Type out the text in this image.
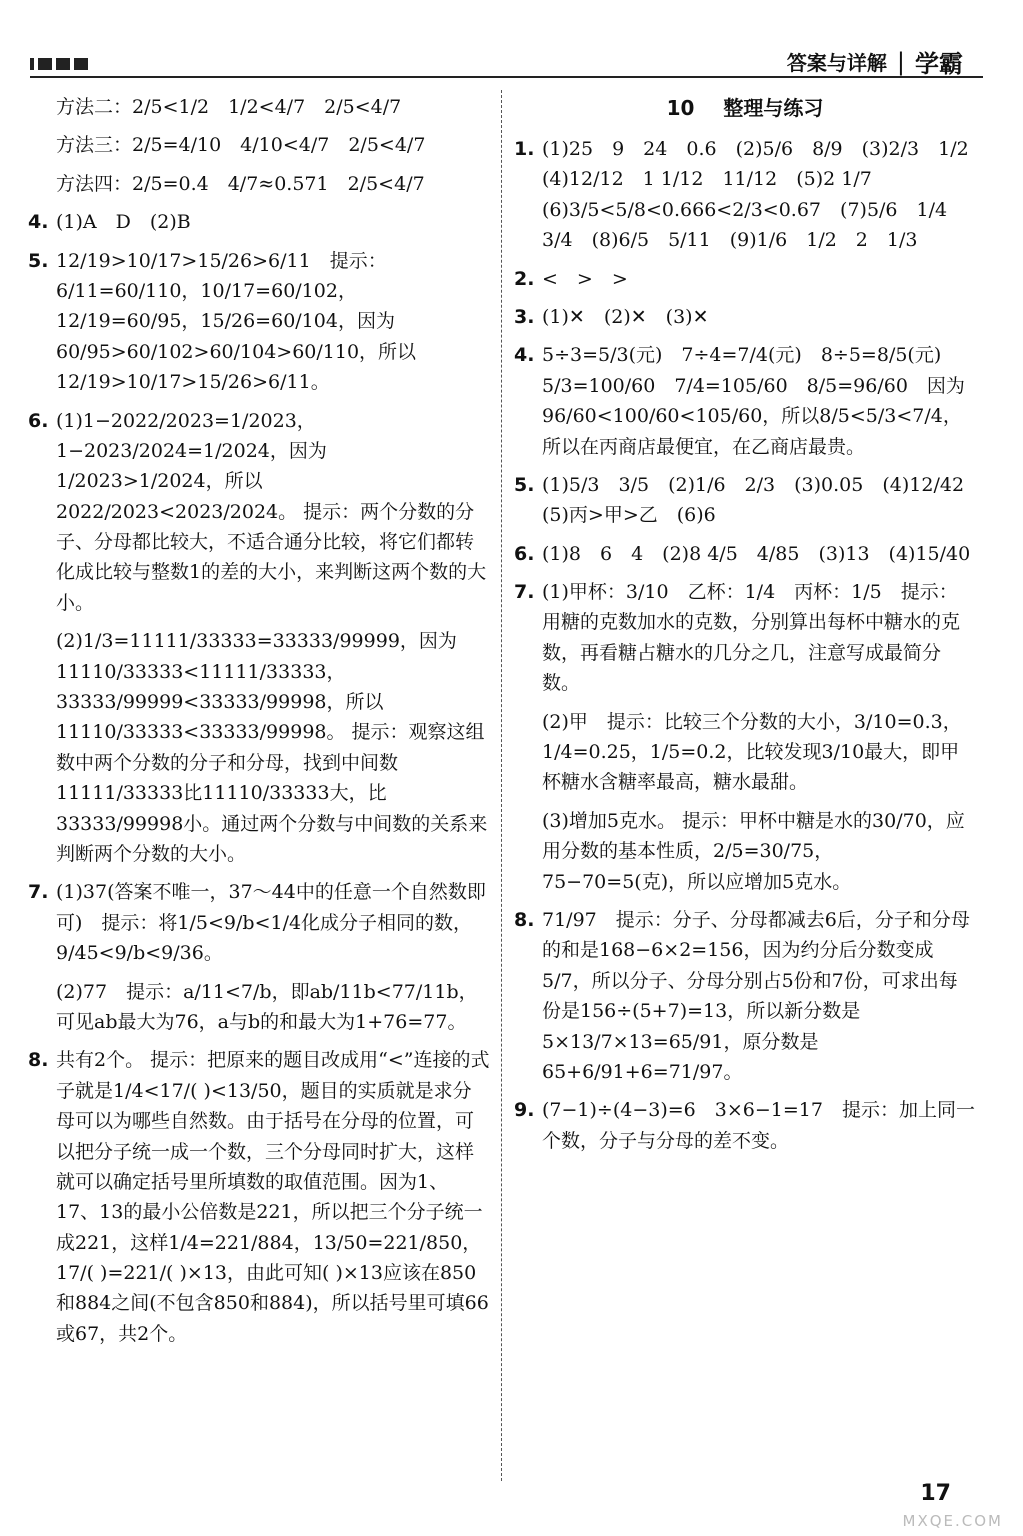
答案与详解 | 学霸
方法二：2/5<1/2　1/2<4/7　2/5<4/7
方法三：2/5=4/10　4/10<4/7　2/5<4/7
方法四：2/5=0.4　4/7≈0.571　2/5<4/7
4. (1)A　D　(2)B
5. 12/19>10/17>15/26>6/11　提示：6/11=60/110，10/17=60/102，12/19=60/95，15/26=60/104，因为60/95>60/102>60/104>60/110，所以12/19>10/17>15/26>6/11。
6. (1)1−2022/2023=1/2023，1−2023/2024=1/2024，因为1/2023>1/2024，所以2022/2023<2023/2024。 提示：两个分数的分子、分母都比较大，不适合通分比较，将它们都转化成比较与整数1的差的大小，来判断这两个数的大小。
(2)1/3=11111/33333=33333/99999，因为11110/33333<11111/33333，33333/99999<33333/99998，所以11110/33333<33333/99998。 提示：观察这组数中两个分数的分子和分母，找到中间数11111/33333比11110/33333大，比33333/99998小。通过两个分数与中间数的关系来判断两个分数的大小。
7. (1)37(答案不唯一，37～44中的任意一个自然数即可)　提示：将1/5<9/b<1/4化成分子相同的数，9/45<9/b<9/36。
(2)77　提示：a/11<7/b，即ab/11b<77/11b，可见ab最大为76，a与b的和最大为1+76=77。
8. 共有2个。 提示：把原来的题目改成用“<”连接的式子就是1/4<17/( )<13/50，题目的实质就是求分母可以为哪些自然数。由于括号在分母的位置，可以把分子统一成一个数，三个分母同时扩大，这样就可以确定括号里所填数的取值范围。因为1、17、13的最小公倍数是221，所以把三个分子统一成221，这样1/4=221/884，13/50=221/850，17/( )=221/( )×13，由此可知( )×13应该在850和884之间(不包含850和884)，所以括号里可填66或67，共2个。
10 整理与练习
1. (1)25　9　24　0.6　(2)5/6　8/9　(3)2/3　1/2　(4)12/12　1 1/12　11/12　(5)2 1/7　(6)3/5<5/8<0.666<2/3<0.67　(7)5/6　1/4　3/4　(8)6/5　5/11　(9)1/6　1/2　2　1/3
2. <　>　>
3. (1)✕　(2)✕　(3)✕
4. 5÷3=5/3(元)　7÷4=7/4(元)　8÷5=8/5(元)　5/3=100/60　7/4=105/60　8/5=96/60　因为96/60<100/60<105/60，所以8/5<5/3<7/4，所以在丙商店最便宜，在乙商店最贵。
5. (1)5/3　3/5　(2)1/6　2/3　(3)0.05　(4)12/42　(5)丙>甲>乙　(6)6
6. (1)8　6　4　(2)8 4/5　4/85　(3)13　(4)15/40
7. (1)甲杯：3/10　乙杯：1/4　丙杯：1/5　提示：用糖的克数加水的克数，分别算出每杯中糖水的克数，再看糖占糖水的几分之几，注意写成最简分数。
(2)甲　提示：比较三个分数的大小，3/10=0.3，1/4=0.25，1/5=0.2，比较发现3/10最大，即甲杯糖水含糖率最高，糖水最甜。
(3)增加5克水。 提示：甲杯中糖是水的30/70，应用分数的基本性质，2/5=30/75，75−70=5(克)，所以应增加5克水。
8. 71/97　提示：分子、分母都减去6后，分子和分母的和是168−6×2=156，因为约分后分数变成5/7，所以分子、分母分别占5份和7份，可求出每份是156÷(5+7)=13，所以新分数是5×13/7×13=65/91，原分数是65+6/91+6=71/97。
9. (7−1)÷(4−3)=6　3×6−1=17　提示：加上同一个数，分子与分母的差不变。
17
MXQE.COM
